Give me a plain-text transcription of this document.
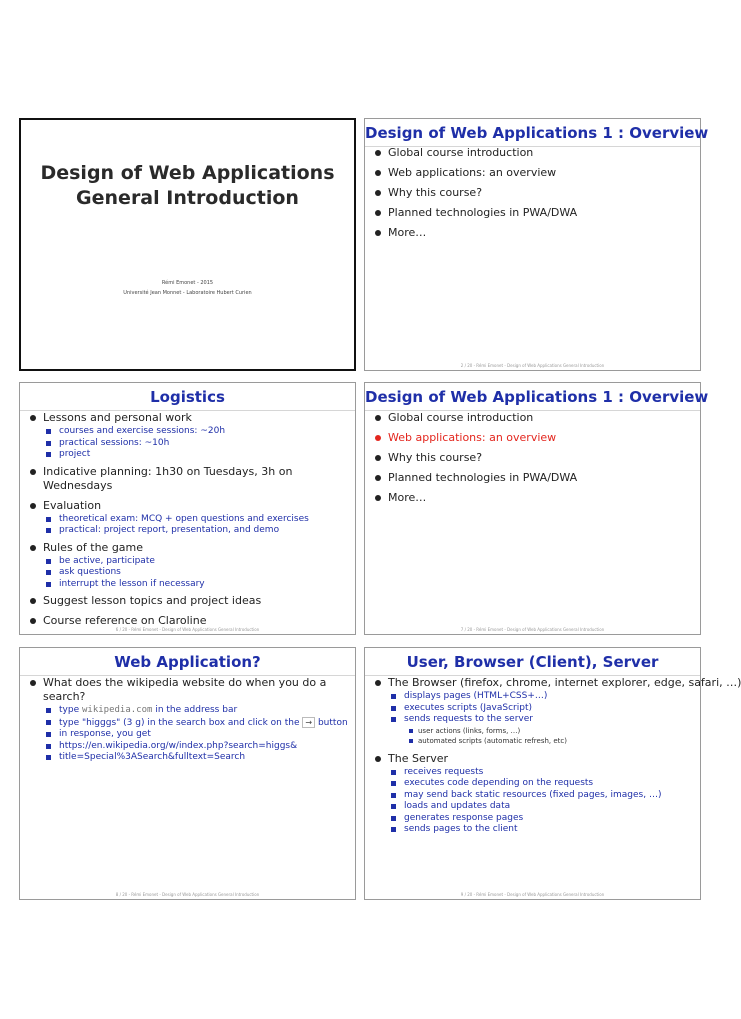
Design of Web Applications
General Introduction
Rémi Emonet - 2015
Université Jean Monnet - Laboratoire Hubert Curien
Design of Web Applications 1 : Overview
Global course introduction
Web applications: an overview
Why this course?
Planned technologies in PWA/DWA
More…
2 / 20 - Rémi Emonet - Design of Web Applications General Introduction
Logistics
Lessons and personal work
courses and exercise sessions: ~20h
practical sessions: ~10h
project
Indicative planning: 1h30 on Tuesdays, 3h on Wednesdays
Evaluation
theoretical exam: MCQ + open questions and exercises
practical: project report, presentation, and demo
Rules of the game
be active, participate
ask questions
interrupt the lesson if necessary
Suggest lesson topics and project ideas
Course reference on Claroline
6 / 20 - Rémi Emonet - Design of Web Applications General Introduction
Design of Web Applications 1 : Overview
Global course introduction
Web applications: an overview
Why this course?
Planned technologies in PWA/DWA
More…
7 / 20 - Rémi Emonet - Design of Web Applications General Introduction
Web Application?
What does the wikipedia website do when you do a search?
type wikipedia.com in the address bar
type "higggs" (3 g) in the search box and click on the → button
in response, you get
https://en.wikipedia.org/w/index.php?search=higgs&
title=Special%3ASearch&fulltext=Search
8 / 20 - Rémi Emonet - Design of Web Applications General Introduction
User, Browser (Client), Server
The Browser (firefox, chrome, internet explorer, edge, safari, …)
displays pages (HTML+CSS+…)
executes scripts (JavaScript)
sends requests to the server
user actions (links, forms, …)
automated scripts (automatic refresh, etc)
The Server
receives requests
executes code depending on the requests
may send back static resources (fixed pages, images, …)
loads and updates data
generates response pages
sends pages to the client
9 / 20 - Rémi Emonet - Design of Web Applications General Introduction
